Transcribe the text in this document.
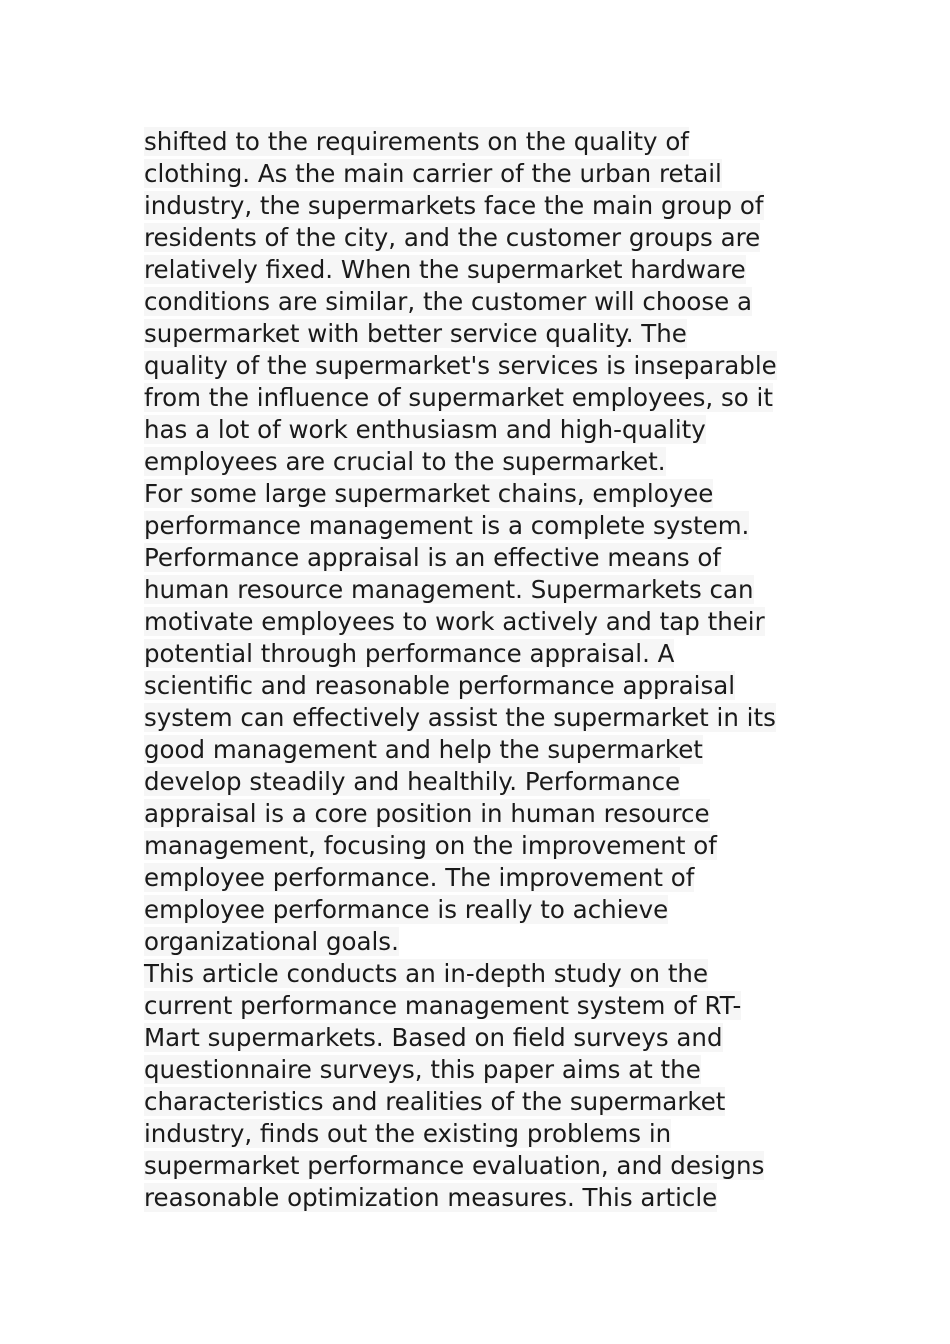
shifted to the requirements on the quality of
clothing. As the main carrier of the urban retail
industry, the supermarkets face the main group of
residents of the city, and the customer groups are
relatively fixed. When the supermarket hardware
conditions are similar, the customer will choose a
supermarket with better service quality. The
quality of the supermarket's services is inseparable
from the influence of supermarket employees, so it
has a lot of work enthusiasm and high-quality
employees are crucial to the supermarket.
For some large supermarket chains, employee
performance management is a complete system.
Performance appraisal is an effective means of
human resource management. Supermarkets can
motivate employees to work actively and tap their
potential through performance appraisal. A
scientific and reasonable performance appraisal
system can effectively assist the supermarket in its
good management and help the supermarket
develop steadily and healthily. Performance
appraisal is a core position in human resource
management, focusing on the improvement of
employee performance. The improvement of
employee performance is really to achieve
organizational goals.
This article conducts an in-depth study on the
current performance management system of RT-
Mart supermarkets. Based on field surveys and
questionnaire surveys, this paper aims at the
characteristics and realities of the supermarket
industry, finds out the existing problems in
supermarket performance evaluation, and designs
reasonable optimization measures. This article
